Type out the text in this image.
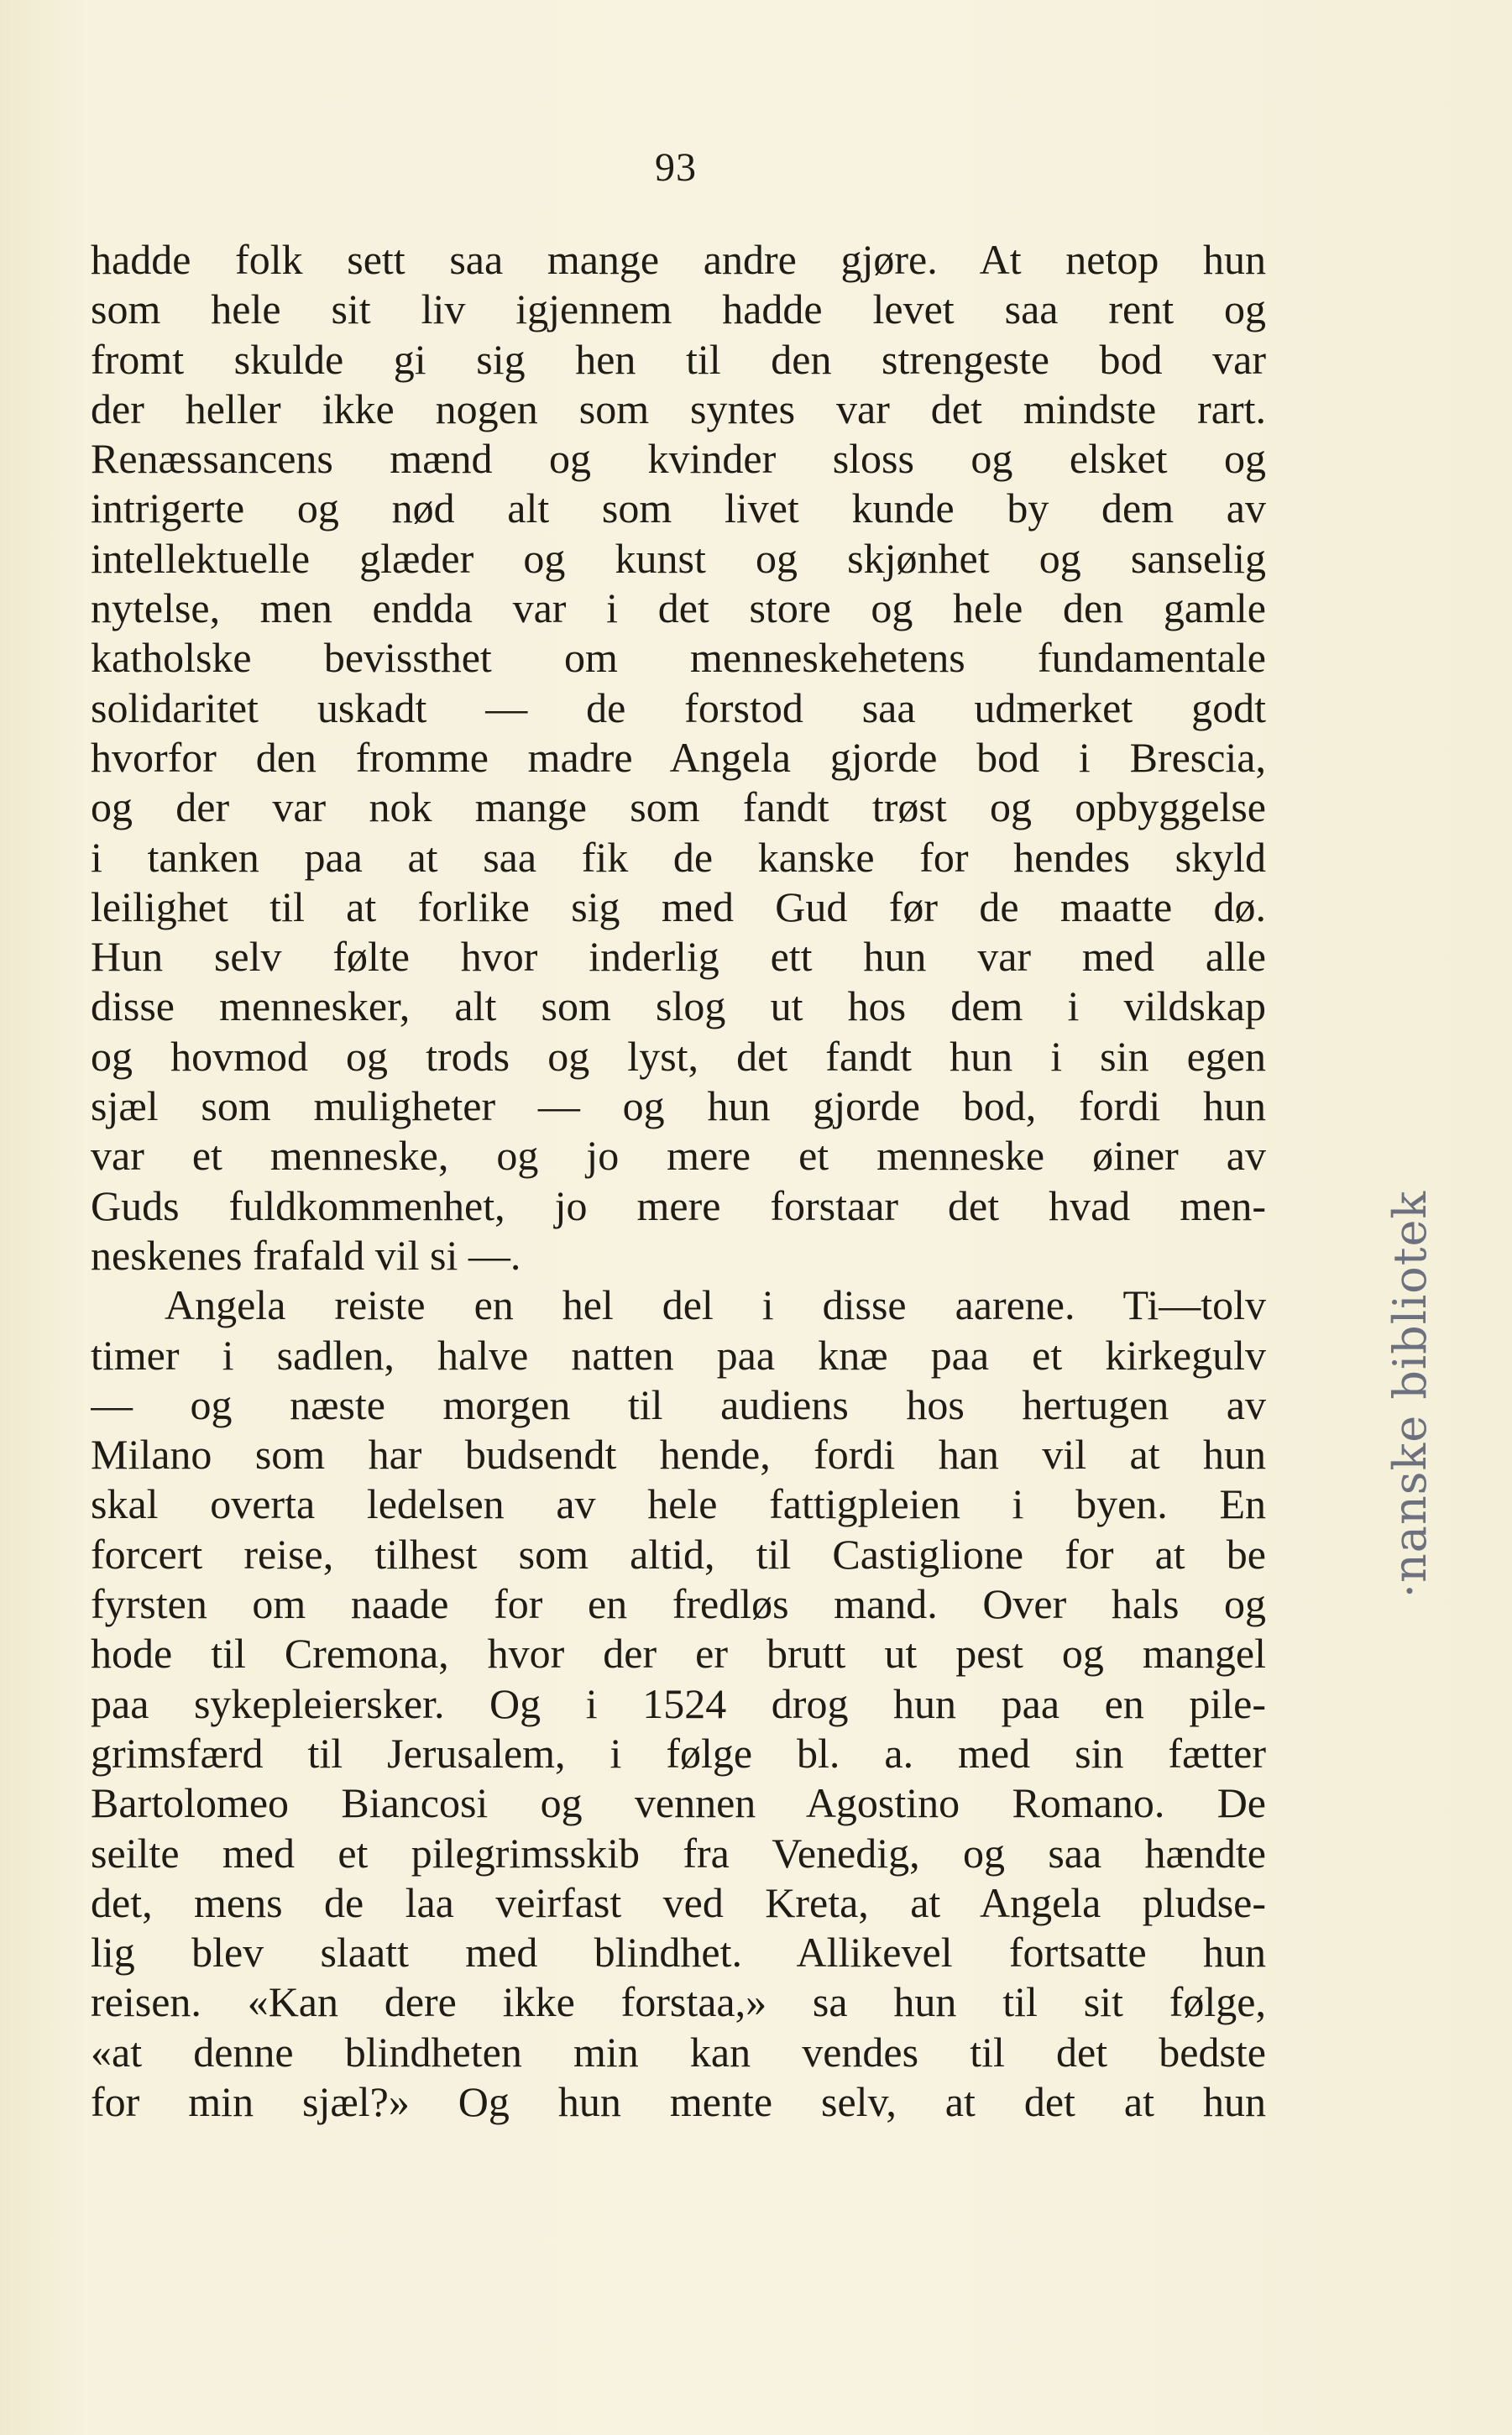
93
hadde folk sett saa mange andre gjøre. At netop hun
som hele sit liv igjennem hadde levet saa rent og
fromt skulde gi sig hen til den strengeste bod var
der heller ikke nogen som syntes var det mindste rart.
Renæssancens mænd og kvinder sloss og elsket og
intrigerte og nød alt som livet kunde by dem av
intellektuelle glæder og kunst og skjønhet og sanselig
nytelse, men endda var i det store og hele den gamle
katholske bevissthet om menneskehetens fundamentale
solidaritet uskadt — de forstod saa udmerket godt
hvorfor den fromme madre Angela gjorde bod i Brescia,
og der var nok mange som fandt trøst og opbyggelse
i tanken paa at saa fik de kanske for hendes skyld
leilighet til at forlike sig med Gud før de maatte dø.
Hun selv følte hvor inderlig ett hun var med alle
disse mennesker, alt som slog ut hos dem i vildskap
og hovmod og trods og lyst, det fandt hun i sin egen
sjæl som muligheter — og hun gjorde bod, fordi hun
var et menneske, og jo mere et menneske øiner av
Guds fuldkommenhet, jo mere forstaar det hvad men-
neskenes frafald vil si —.
Angela reiste en hel del i disse aarene. Ti—tolv
timer i sadlen, halve natten paa knæ paa et kirkegulv
— og næste morgen til audiens hos hertugen av
Milano som har budsendt hende, fordi han vil at hun
skal overta ledelsen av hele fattigpleien i byen. En
forcert reise, tilhest som altid, til Castiglione for at be
fyrsten om naade for en fredløs mand. Over hals og
hode til Cremona, hvor der er brutt ut pest og mangel
paa sykepleiersker. Og i 1524 drog hun paa en pile-
grimsfærd til Jerusalem, i følge bl. a. med sin fætter
Bartolomeo Biancosi og vennen Agostino Romano. De
seilte med et pilegrimsskib fra Venedig, og saa hændte
det, mens de laa veirfast ved Kreta, at Angela pludse-
lig blev slaatt med blindhet. Allikevel fortsatte hun
reisen. «Kan dere ikke forstaa,» sa hun til sit følge,
«at denne blindheten min kan vendes til det bedste
for min sjæl?» Og hun mente selv, at det at hun
·nanske bibliotek
